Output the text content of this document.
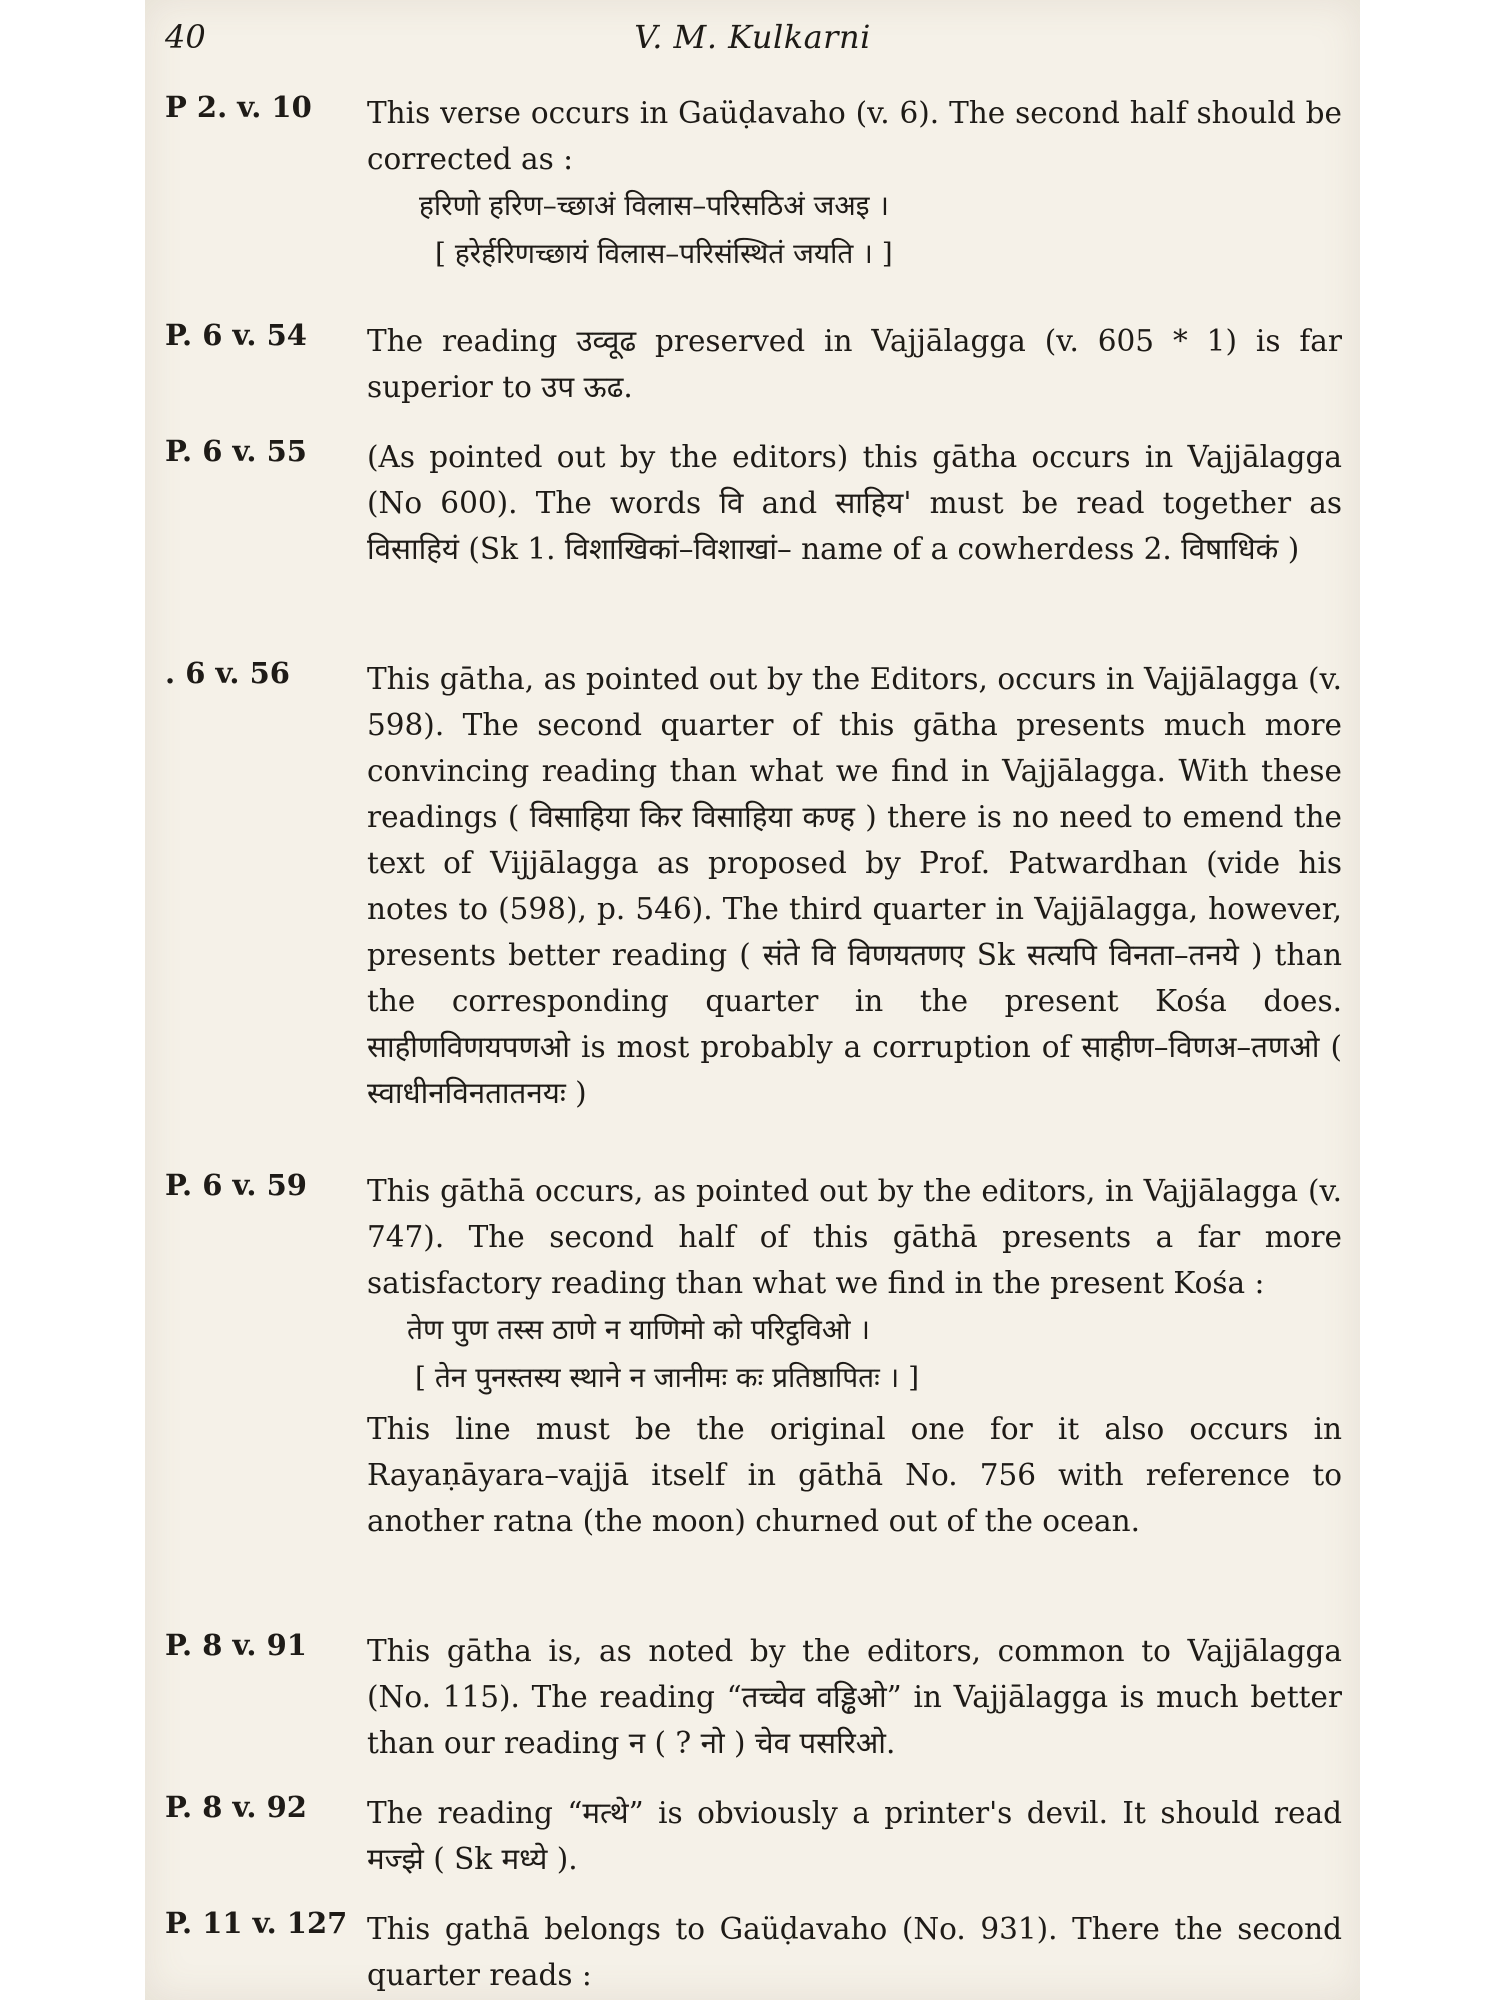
40	V. M. Kulkarni
P 2. v. 10 This verse occurs in Gaüḍavaho (v. 6). The second half should be corrected as :

हरिणो हरिण–च्छाअं विलास–परिसठिअं जअइ ।
[ हरेर्हरिणच्छायं विलास–परिसंस्थितं जयति । ]
P. 6 v. 54 The reading उव्वूढ preserved in Vajjālagga (v. 605 * 1) is far superior to उप ऊढ.

P. 6 v. 55 (As pointed out by the editors) this gātha occurs in Vajjālagga (No 600). The words वि and साहिय' must be read together as विसाहियं (Sk 1. विशाखिकां–विशाखां– name of a cowherdess 2. विषाधिकं )

. 6 v. 56	This gātha, as pointed out by the Editors, occurs in Vajjālagga (v. 598). The second quarter of this gātha presents much more convincing reading than what we find in Vajjālagga. With these readings ( विसाहिया किर विसाहिया कण्ह ) there is no need to emend the text of Vijjālagga as proposed by Prof. Patwardhan (vide his notes to (598), p. 546). The third quarter in Vajjālagga, however, presents better reading ( संते वि विणयतणए Sk सत्यपि विनता–तनये ) than the corresponding quarter in the present Kośa does. साहीणविणयपणओ is most probably a corruption of साहीण–विणअ–तणओ ( स्वाधीनविनतातनयः )

P. 6 v. 59 This gāthā occurs, as pointed out by the editors, in Vajjālagga (v. 747). The second half of this gāthā presents a far more satisfactory reading than what we find in the present Kośa :

तेण पुण तस्स ठाणे न याणिमो को परिट्ठविओ ।
[ तेन पुनस्तस्य स्थाने न जानीमः कः प्रतिष्ठापितः । ]

This line must be the original one for it also occurs in Rayaṇāyara–vajjā itself in gāthā No. 756 with reference to another ratna (the moon) churned out of the ocean.

P. 8 v. 91 This gātha is, as noted by the editors, common to Vajjālagga (No. 115). The reading “तच्चेव वड्ढिओ” in Vajjālagga is much better than our reading न ( ? नो ) चेव पसरिओ.

P. 8 v. 92 The reading “मत्थे” is obviously a printer's devil. It should read मज्झे ( Sk मध्ये ).

P. 11 v. 127 This gathā belongs to Gaüḍavaho (No. 931). There the second quarter reads :
